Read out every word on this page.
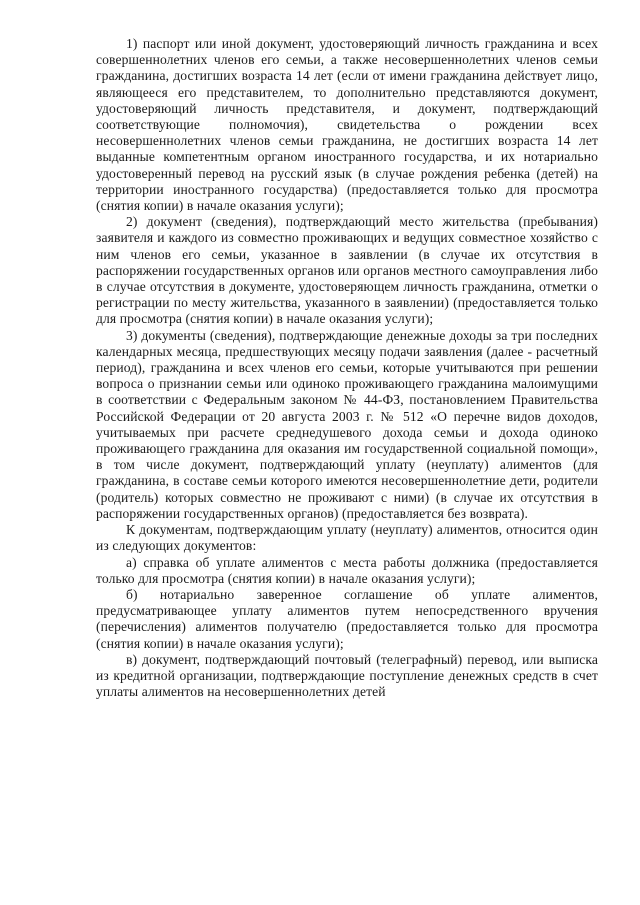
1) паспорт или иной документ, удостоверяющий личность гражданина и всех совершеннолетних членов его семьи, а также несовершеннолетних членов семьи гражданина, достигших возраста 14 лет (если от имени гражданина действует лицо, являющееся его представителем, то дополнительно представляются документ, удостоверяющий личность представителя, и документ, подтверждающий соответствующие полномочия), свидетельства о рождении всех несовершеннолетних членов семьи гражданина, не достигших возраста 14 лет выданные компетентным органом иностранного государства, и их нотариально удостоверенный перевод на русский язык (в случае рождения ребенка (детей) на территории иностранного государства) (предоставляется только для просмотра (снятия копии) в начале оказания услуги);

2) документ (сведения), подтверждающий место жительства (пребывания) заявителя и каждого из совместно проживающих и ведущих совместное хозяйство с ним членов его семьи, указанное в заявлении (в случае их отсутствия в распоряжении государственных органов или органов местного самоуправления либо в случае отсутствия в документе, удостоверяющем личность гражданина, отметки о регистрации по месту жительства, указанного в заявлении) (предоставляется только для просмотра (снятия копии) в начале оказания услуги);

3) документы (сведения), подтверждающие денежные доходы за три последних календарных месяца, предшествующих месяцу подачи заявления (далее - расчетный период), гражданина и всех членов его семьи, которые учитываются при решении вопроса о признании семьи или одиноко проживающего гражданина малоимущими в соответствии с Федеральным законом № 44-ФЗ, постановлением Правительства Российской Федерации от 20 августа 2003 г. № 512 «О перечне видов доходов, учитываемых при расчете среднедушевого дохода семьи и дохода одиноко проживающего гражданина для оказания им государственной социальной помощи», в том числе документ, подтверждающий уплату (неуплату) алиментов (для гражданина, в составе семьи которого имеются несовершеннолетние дети, родители (родитель) которых совместно не проживают с ними) (в случае их отсутствия в распоряжении государственных органов) (предоставляется без возврата).

К документам, подтверждающим уплату (неуплату) алиментов, относится один из следующих документов:

а) справка об уплате алиментов с места работы должника (предоставляется только для просмотра (снятия копии) в начале оказания услуги);

б) нотариально заверенное соглашение об уплате алиментов, предусматривающее уплату алиментов путем непосредственного вручения (перечисления) алиментов получателю (предоставляется только для просмотра (снятия копии) в начале оказания услуги);

в) документ, подтверждающий почтовый (телеграфный) перевод, или выписка из кредитной организации, подтверждающие поступление денежных средств в счет уплаты алиментов на несовершеннолетних детей
